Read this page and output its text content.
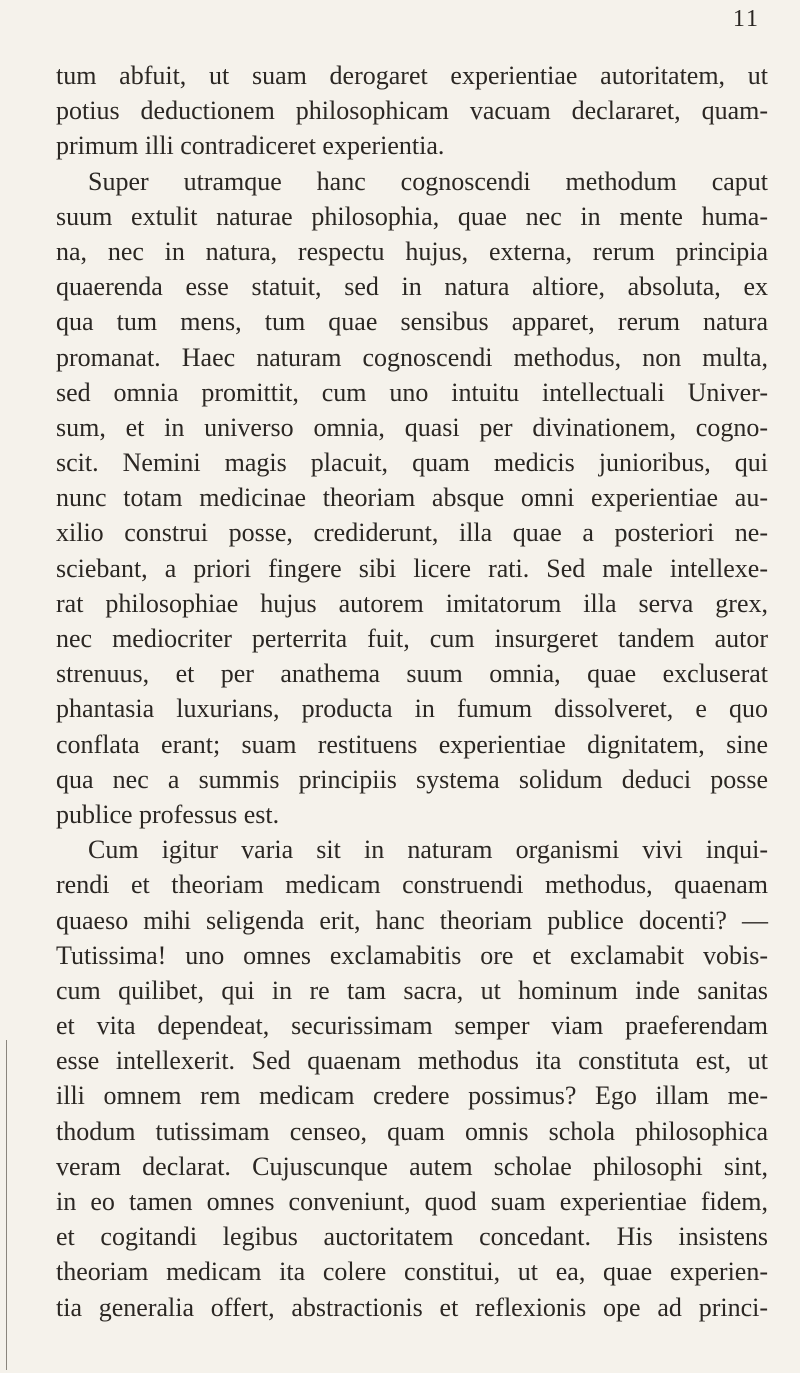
11
tum abfuit, ut suam derogaret experientiae autoritatem, ut
potius deductionem philosophicam vacuam declararet, quam-
primum illi contradiceret experientia.
Super utramque hanc cognoscendi methodum caput
suum extulit naturae philosophia, quae nec in mente huma-
na, nec in natura, respectu hujus, externa, rerum principia
quaerenda esse statuit, sed in natura altiore, absoluta, ex
qua tum mens, tum quae sensibus apparet, rerum natura
promanat. Haec naturam cognoscendi methodus, non multa,
sed omnia promittit, cum uno intuitu intellectuali Univer-
sum, et in universo omnia, quasi per divinationem, cogno-
scit. Nemini magis placuit, quam medicis junioribus, qui
nunc totam medicinae theoriam absque omni experientiae au-
xilio construi posse, crediderunt, illa quae a posteriori ne-
sciebant, a priori fingere sibi licere rati. Sed male intellexe-
rat philosophiae hujus autorem imitatorum illa serva grex,
nec mediocriter perterrita fuit, cum insurgeret tandem autor
strenuus, et per anathema suum omnia, quae excluserat
phantasia luxurians, producta in fumum dissolveret, e quo
conflata erant; suam restituens experientiae dignitatem, sine
qua nec a summis principiis systema solidum deduci posse
publice professus est.
Cum igitur varia sit in naturam organismi vivi inqui-
rendi et theoriam medicam construendi methodus, quaenam
quaeso mihi seligenda erit, hanc theoriam publice docenti? —
Tutissima! uno omnes exclamabitis ore et exclamabit vobis-
cum quilibet, qui in re tam sacra, ut hominum inde sanitas
et vita dependeat, securissimam semper viam praeferendam
esse intellexerit. Sed quaenam methodus ita constituta est, ut
illi omnem rem medicam credere possimus? Ego illam me-
thodum tutissimam censeo, quam omnis schola philosophica
veram declarat. Cujuscunque autem scholae philosophi sint,
in eo tamen omnes conveniunt, quod suam experientiae fidem,
et cogitandi legibus auctoritatem concedant. His insistens
theoriam medicam ita colere constitui, ut ea, quae experien-
tia generalia offert, abstractionis et reflexionis ope ad princi-
